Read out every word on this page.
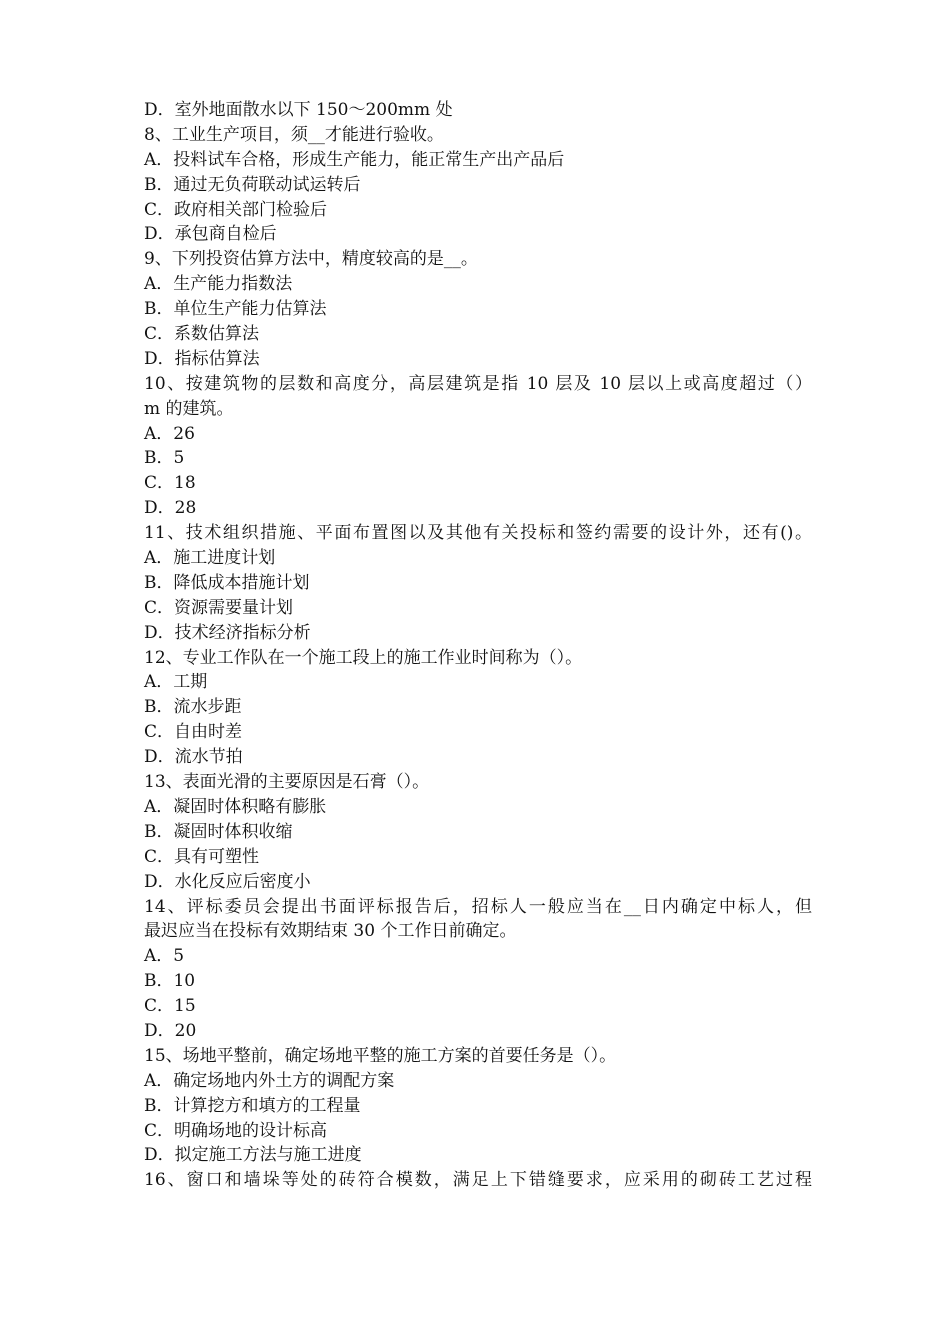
D．室外地面散水以下 150～200mm 处
8、工业生产项目，须__才能进行验收。
A．投料试车合格，形成生产能力，能正常生产出产品后
B．通过无负荷联动试运转后
C．政府相关部门检验后
D．承包商自检后
9、下列投资估算方法中，精度较高的是__。
A．生产能力指数法
B．单位生产能力估算法
C．系数估算法
D．指标估算法
10、按建筑物的层数和高度分，高层建筑是指 10 层及 10 层以上或高度超过（）
m 的建筑。
A．26
B．5
C．18
D．28
11、技术组织措施、平面布置图以及其他有关投标和签约需要的设计外，还有()。
A．施工进度计划
B．降低成本措施计划
C．资源需要量计划
D．技术经济指标分析
12、专业工作队在一个施工段上的施工作业时间称为（）。
A．工期
B．流水步距
C．自由时差
D．流水节拍
13、表面光滑的主要原因是石膏（）。
A．凝固时体积略有膨胀
B．凝固时体积收缩
C．具有可塑性
D．水化反应后密度小
14、评标委员会提出书面评标报告后，招标人一般应当在__日内确定中标人，但
最迟应当在投标有效期结束 30 个工作日前确定。
A．5
B．10
C．15
D．20
15、场地平整前，确定场地平整的施工方案的首要任务是（）。
A．确定场地内外土方的调配方案
B．计算挖方和填方的工程量
C．明确场地的设计标高
D．拟定施工方法与施工进度
16、窗口和墙垛等处的砖符合模数，满足上下错缝要求，应采用的砌砖工艺过程
